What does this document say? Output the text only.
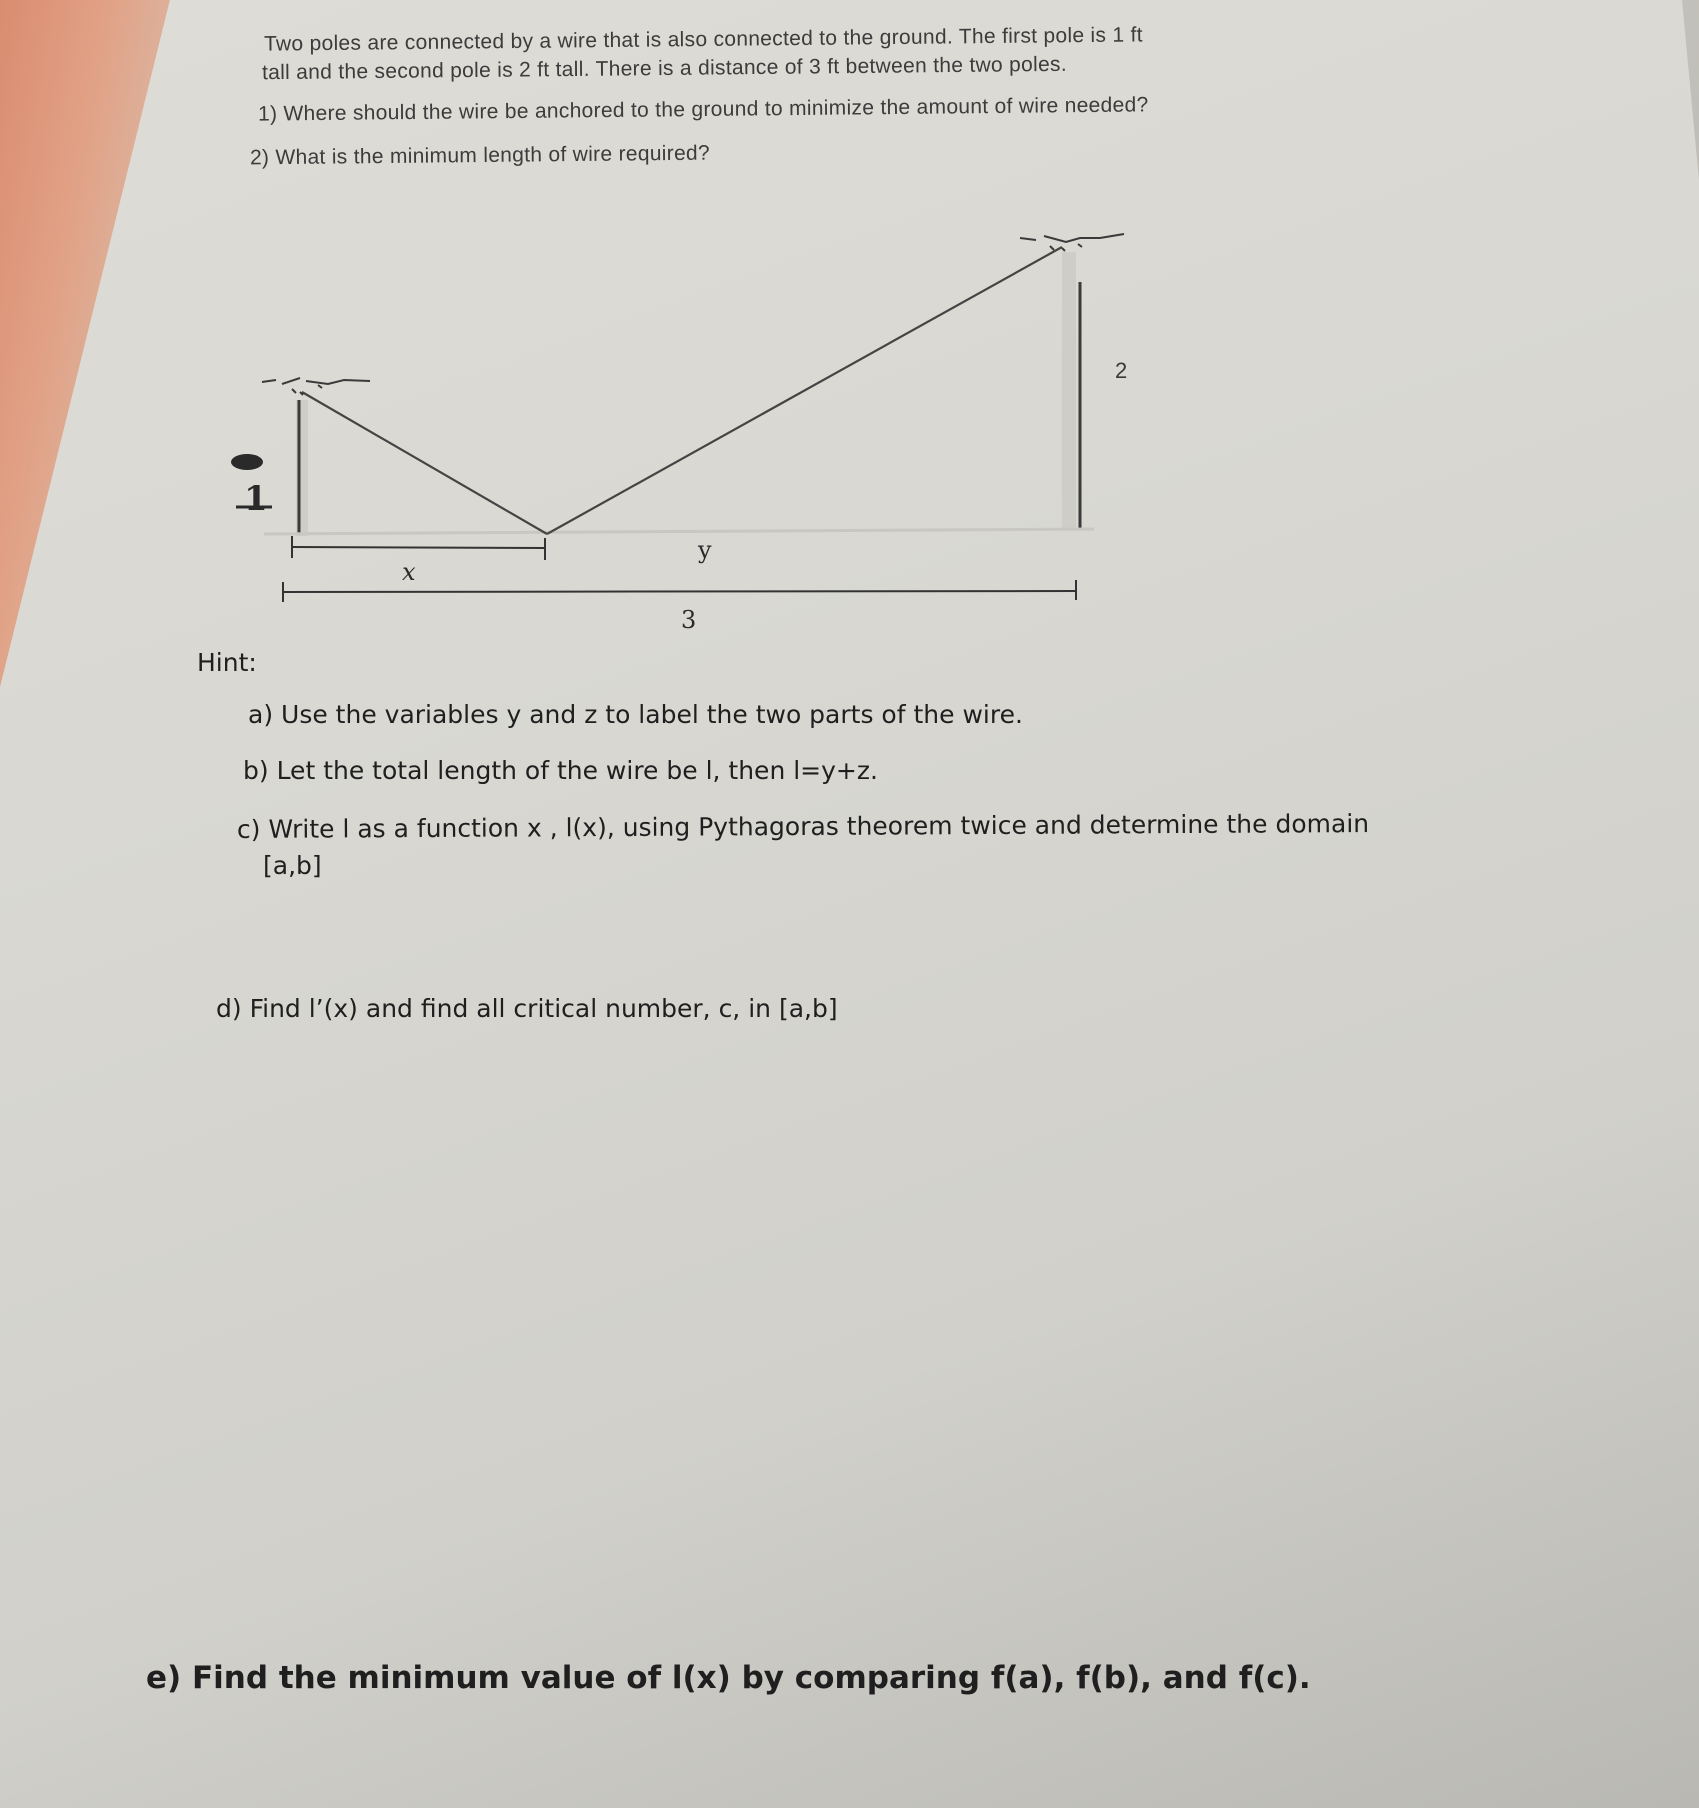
Two poles are connected by a wire that is also connected to the ground. The first pole is 1 ft
tall and the second pole is 2 ft tall. There is a distance of 3 ft between the two poles.
1) Where should the wire be anchored to the ground to minimize the amount of wire needed?
2) What is the minimum length of wire required?
1
2
x
y
3
Hint:
a) Use the variables y and z to label the two parts of the wire.
b) Let the total length of the wire be l, then l=y+z.
c) Write l as a function x , l(x), using Pythagoras theorem twice and determine the domain
[a,b]
d) Find l’(x) and find all critical number, c, in [a,b]
e) Find the minimum value of l(x) by comparing f(a), f(b), and f(c).
